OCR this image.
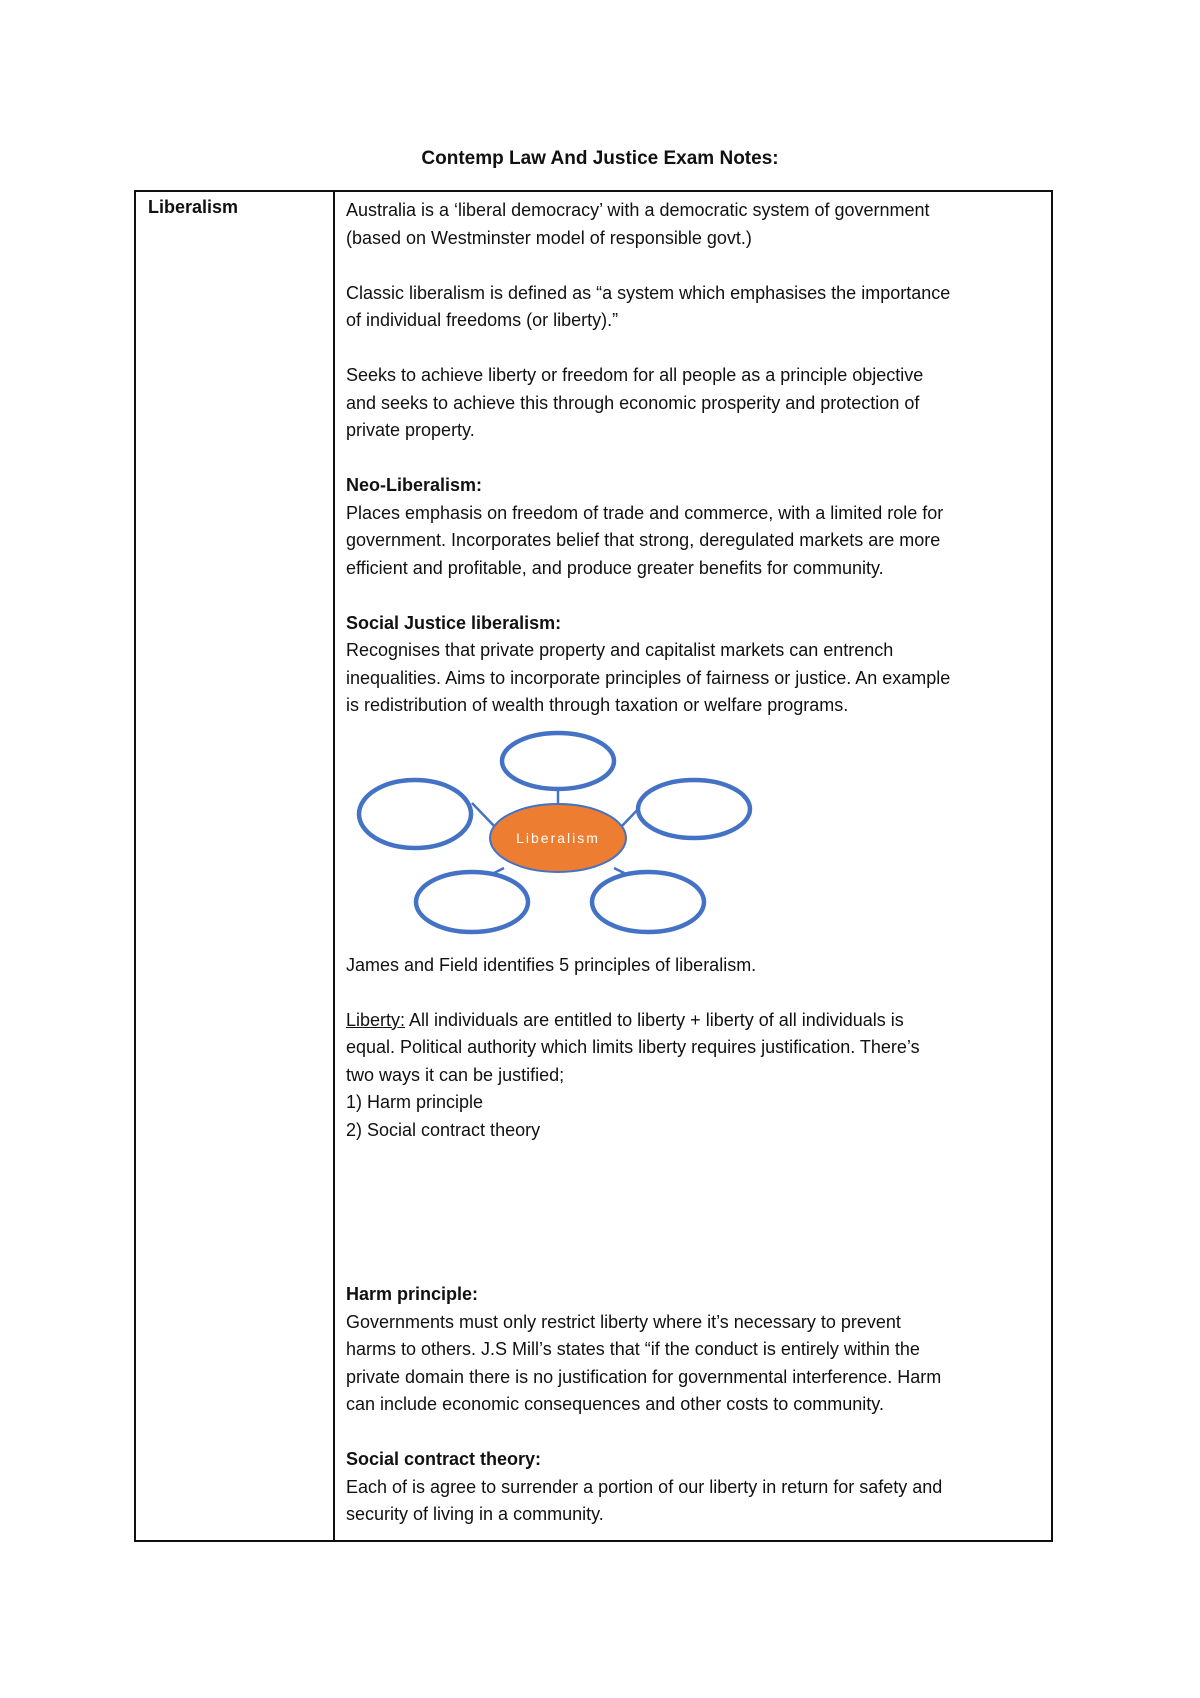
Contemp Law And Justice Exam Notes:
Liberalism	Australia is a ‘liberal democracy’ with a democratic system of government

(based on Westminster model of responsible govt.)

Classic liberalism is defined as “a system which emphasises the importance

of individual freedoms (or liberty).”

Seeks to achieve liberty or freedom for all people as a principle objective

and seeks to achieve this through economic prosperity and protection of

private property.

Neo-Liberalism:

Places emphasis on freedom of trade and commerce, with a limited role for

government. Incorporates belief that strong, deregulated markets are more

efficient and profitable, and produce greater benefits for community.

Social Justice liberalism:

Recognises that private property and capitalist markets can entrench

inequalities. Aims to incorporate principles of fairness or justice. An example

is redistribution of wealth through taxation or welfare programs.

Liberalism

James and Field identifies 5 principles of liberalism.

Liberty: All individuals are entitled to liberty + liberty of all individuals is

equal. Political authority which limits liberty requires justification. There’s

two ways it can be justified;

1) Harm principle

2) Social contract theory

Harm principle:

Governments must only restrict liberty where it’s necessary to prevent

harms to others. J.S Mill’s states that “if the conduct is entirely within the

private domain there is no justification for governmental interference. Harm

can include economic consequences and other costs to community.

Social contract theory:

Each of is agree to surrender a portion of our liberty in return for safety and

security of living in a community.
